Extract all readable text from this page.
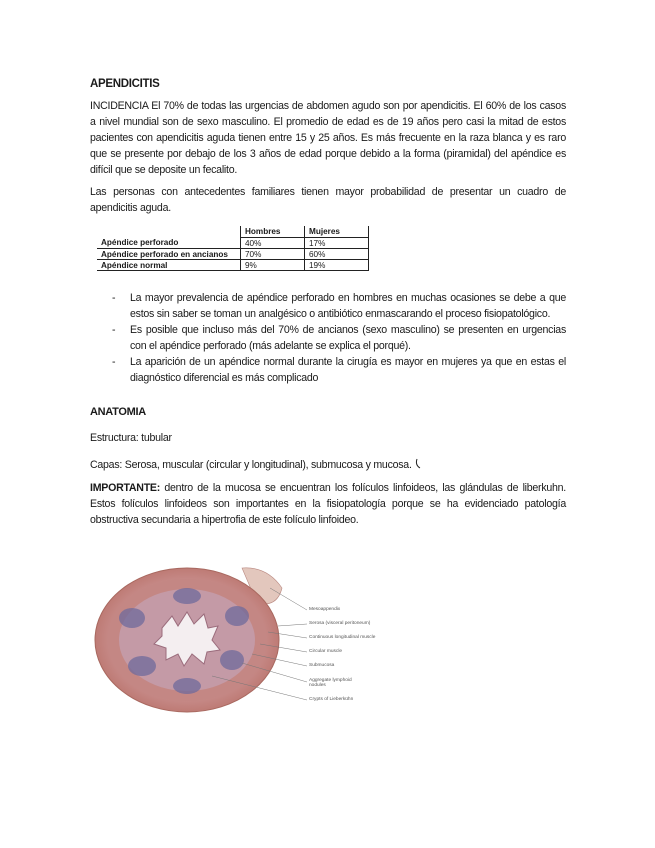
APENDICITIS
INCIDENCIA El 70% de todas las urgencias de abdomen agudo son por apendicitis. El 60% de los casos a nivel mundial son de sexo masculino. El promedio de edad es de 19 años pero casi la mitad de estos pacientes con apendicitis aguda tienen entre 15 y 25 años. Es más frecuente en la raza blanca y es raro que se presente por debajo de los 3 años de edad porque debido a la forma (piramidal) del apéndice es difícil que se deposite un fecalito.
Las personas con antecedentes familiares tienen mayor probabilidad de presentar un cuadro de apendicitis aguda.
	Hombres	Mujeres
Apéndice perforado	40%	17%
Apéndice perforado en ancianos	70%	60%
Apéndice normal	9%	19%
- La mayor prevalencia de apéndice perforado en hombres en muchas ocasiones se debe a que estos sin saber se toman un analgésico o antibiótico enmascarando el proceso fisiopatológico.
- Es posible que incluso más del 70% de ancianos (sexo masculino) se presenten en urgencias con el apéndice perforado (más adelante se explica el porqué).
- La aparición de un apéndice normal durante la cirugía es mayor en mujeres ya que en estas el diagnóstico diferencial es más complicado
ANATOMIA
Estructura: tubular
Capas: Serosa, muscular (circular y longitudinal), submucosa y mucosa.
IMPORTANTE: dentro de la mucosa se encuentran los folículos linfoideos, las glándulas de liberkuhn. Estos folículos linfoideos son importantes en la fisiopatología porque se ha evidenciado patología obstructiva secundaria a hipertrofia de este folículo linfoideo.
Mesoappendix
Serosa (visceral peritoneum)
Continuous longitudinal muscle
Circular muscle
Submucosa
Aggregate lymphoid nodules
Crypts of Lieberkühn
